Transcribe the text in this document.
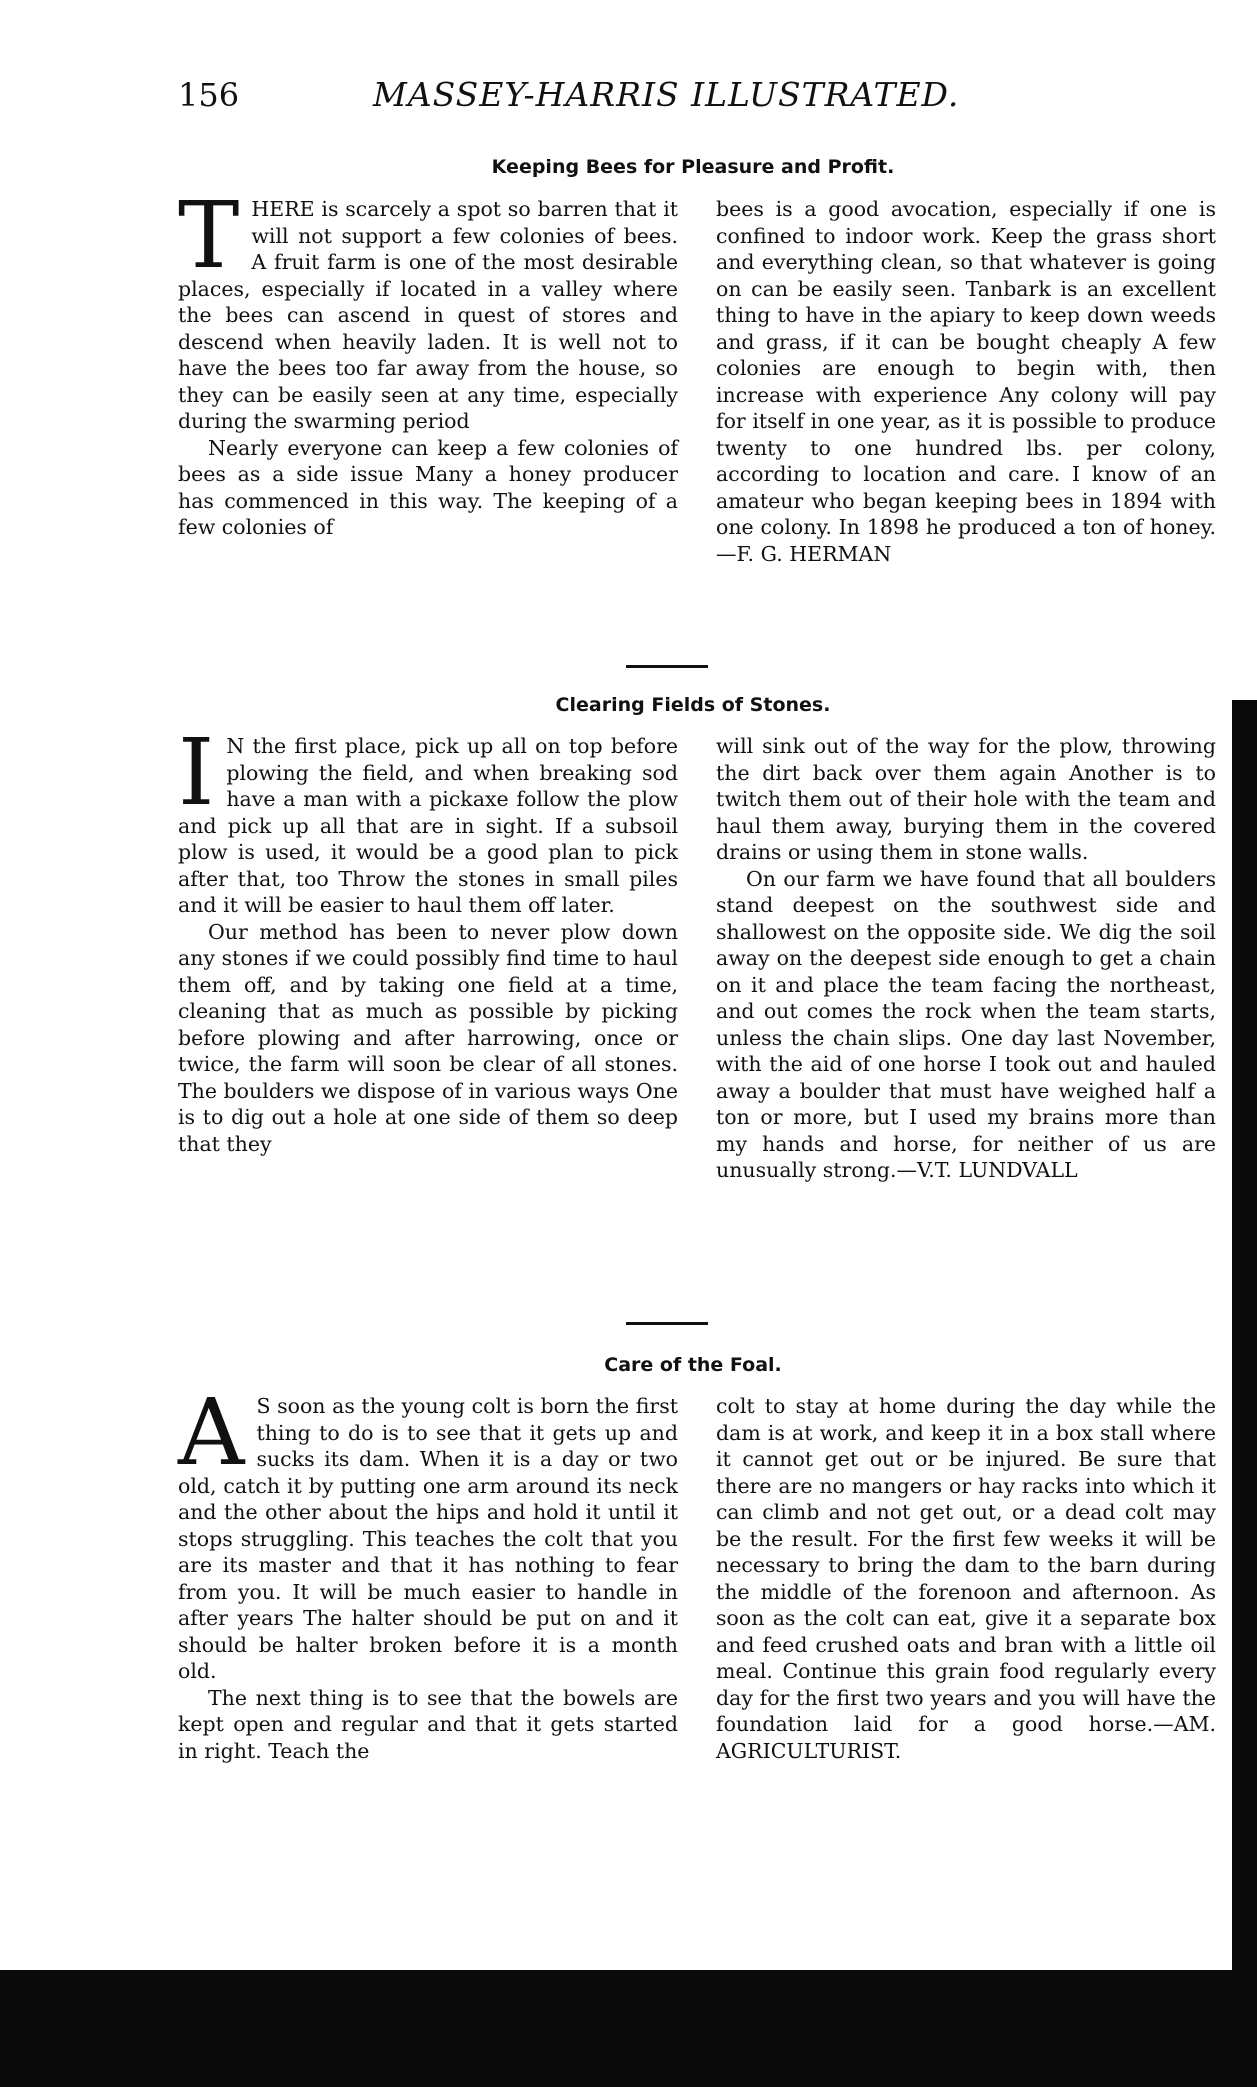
156	MASSEY-HARRIS ILLUSTRATED.
Keeping Bees for Pleasure and Profit.

THERE is scarcely a spot so barren that it will not support a few colonies of bees. A fruit farm is one of the most desirable places, especially if located in a valley where the bees can ascend in quest of stores and descend when heavily laden. It is well not to have the bees too far away from the house, so they can be easily seen at any time, especially during the swarming period

Nearly everyone can keep a few colonies of bees as a side issue Many a honey producer has commenced in this way. The keeping of a few colonies of

bees is a good avocation, especially if one is confined to indoor work. Keep the grass short and everything clean, so that whatever is going on can be easily seen. Tanbark is an excellent thing to have in the apiary to keep down weeds and grass, if it can be bought cheaply A few colonies are enough to begin with, then increase with experience Any colony will pay for itself in one year, as it is possible to produce twenty to one hundred lbs. per colony, according to location and care. I know of an amateur who began keeping bees in 1894 with one colony. In 1898 he produced a ton of honey.—F. G. HERMAN

Clearing Fields of Stones.

I N the first place, pick up all on top before plowing the field, and when breaking sod have a man with a pickaxe follow the plow and pick up all that are in sight. If a subsoil plow is used, it would be a good plan to pick after that, too Throw the stones in small piles and it will be easier to haul them off later.

Our method has been to never plow down any stones if we could possibly find time to haul them off, and by taking one field at a time, cleaning that as much as possible by picking before plowing and after harrowing, once or twice, the farm will soon be clear of all stones. The boulders we dispose of in various ways One is to dig out a hole at one side of them so deep that they

will sink out of the way for the plow, throwing the dirt back over them again Another is to twitch them out of their hole with the team and haul them away, burying them in the covered drains or using them in stone walls.

On our farm we have found that all boulders stand deepest on the southwest side and shallowest on the opposite side. We dig the soil away on the deepest side enough to get a chain on it and place the team facing the northeast, and out comes the rock when the team starts, unless the chain slips. One day last November, with the aid of one horse I took out and hauled away a boulder that must have weighed half a ton or more, but I used my brains more than my hands and horse, for neither of us are unusually strong.—V.T. LUNDVALL

Care of the Foal.

A S soon as the young colt is born the first thing to do is to see that it gets up and sucks its dam. When it is a day or two old, catch it by putting one arm around its neck and the other about the hips and hold it until it stops struggling. This teaches the colt that you are its master and that it has nothing to fear from you. It will be much easier to handle in after years The halter should be put on and it should be halter broken before it is a month old.

The next thing is to see that the bowels are kept open and regular and that it gets started in right. Teach the

colt to stay at home during the day while the dam is at work, and keep it in a box stall where it cannot get out or be injured. Be sure that there are no mangers or hay racks into which it can climb and not get out, or a dead colt may be the result. For the first few weeks it will be necessary to bring the dam to the barn during the middle of the forenoon and afternoon. As soon as the colt can eat, give it a separate box and feed crushed oats and bran with a little oil meal. Continue this grain food regularly every day for the first two years and you will have the foundation laid for a good horse.—AM. AGRICULTURIST.
